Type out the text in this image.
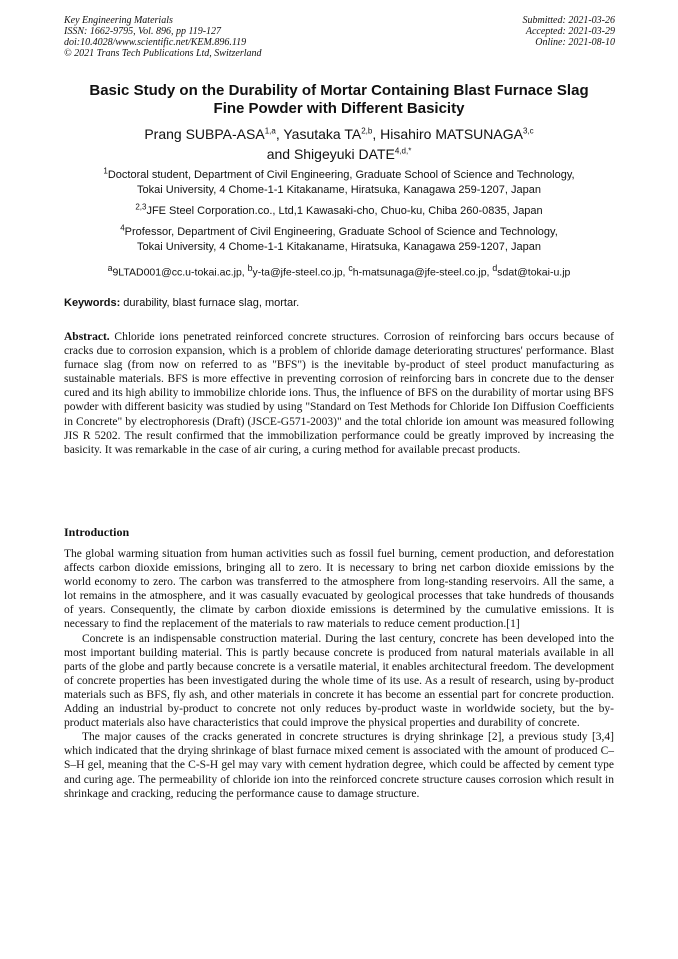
Key Engineering Materials
ISSN: 1662-9795, Vol. 896, pp 119-127
doi:10.4028/www.scientific.net/KEM.896.119
© 2021 Trans Tech Publications Ltd, Switzerland
Submitted: 2021-03-26
Accepted: 2021-03-29
Online: 2021-08-10
Basic Study on the Durability of Mortar Containing Blast Furnace Slag
Fine Powder with Different Basicity
Prang SUBPA-ASA$^{1,a}$, Yasutaka TA$^{2,b}$, Hisahiro MATSUNAGA$^{3,c}$
and Shigeyuki $DATE^{4,d,*}$
$^1$Doctoral student, Department of Civil Engineering, Graduate School of Science and Technology,
Tokai University, 4 Chome-1-1 Kitakaname, Hiratsuka, Kanagawa 259-1207, Japan
$^{2,3}$JFE Steel Corporation.co., Ltd,1 Kawasaki-cho, Chuo-ku, Chiba 260-0835, Japan
$^4$Professor, Department of Civil Engineering, Graduate School of Science and Technology,
Tokai University, 4 Chome-1-1 Kitakaname, Hiratsuka, Kanagawa 259-1207, Japan
$^a$9LTAD001@cc.u-tokai.ac.jp, $^b$y-ta@jfe-steel.co.jp, $^c$h-matsunaga@jfe-steel.co.jp, $^d$sdat@tokai-u.jp
Keywords: durability, blast furnace slag, mortar.

Abstract. Chloride ions penetrated reinforced concrete structures. Corrosion of reinforcing bars occurs because of cracks due to corrosion expansion, which is a problem of chloride damage deteriorating structures' performance. Blast furnace slag (from now on referred to as "BFS") is the inevitable by-product of steel product manufacturing as sustainable materials. BFS is more effective in preventing corrosion of reinforcing bars in concrete due to the denser cured and its high ability to immobilize chloride ions. Thus, the influence of BFS on the durability of mortar using BFS powder with different basicity was studied by using "Standard on Test Methods for Chloride Ion Diffusion Coefficients in Concrete" by electrophoresis (Draft) (JSCE-G571-2003)" and the total chloride ion amount was measured following JIS R 5202. The result confirmed that the immobilization performance could be greatly improved by increasing the basicity. It was remarkable in the case of air curing, a curing method for available precast products.

Introduction

The global warming situation from human activities such as fossil fuel burning, cement production, and deforestation affects carbon dioxide emissions, bringing all to zero. It is necessary to bring net carbon dioxide emissions by the world economy to zero. The carbon was transferred to the atmosphere from long-standing reservoirs. All the same, a lot remains in the atmosphere, and it was casually evacuated by geological processes that take hundreds of thousands of years. Consequently, the climate by carbon dioxide emissions is determined by the cumulative emissions. It is necessary to find the replacement of the materials to raw materials to reduce cement production.[1]

Concrete is an indispensable construction material. During the last century, concrete has been developed into the most important building material. This is partly because concrete is produced from natural materials available in all parts of the globe and partly because concrete is a versatile material, it enables architectural freedom. The development of concrete properties has been investigated during the whole time of its use. As a result of research, using by-product materials such as BFS, fly ash, and other materials in concrete it has become an essential part for concrete production. Adding an industrial by-product to concrete not only reduces by-product waste in worldwide society, but the by-product materials also have characteristics that could improve the physical properties and durability of concrete.

The major causes of the cracks generated in concrete structures is drying shrinkage [2], a previous study [3,4] which indicated that the drying shrinkage of blast furnace mixed cement is associated with the amount of produced C–S–H gel, meaning that the C-S-H gel may vary with cement hydration degree, which could be affected by cement type and curing age. The permeability of chloride ion into the reinforced concrete structure causes corrosion which result in shrinkage and cracking, reducing the performance cause to damage structure.
